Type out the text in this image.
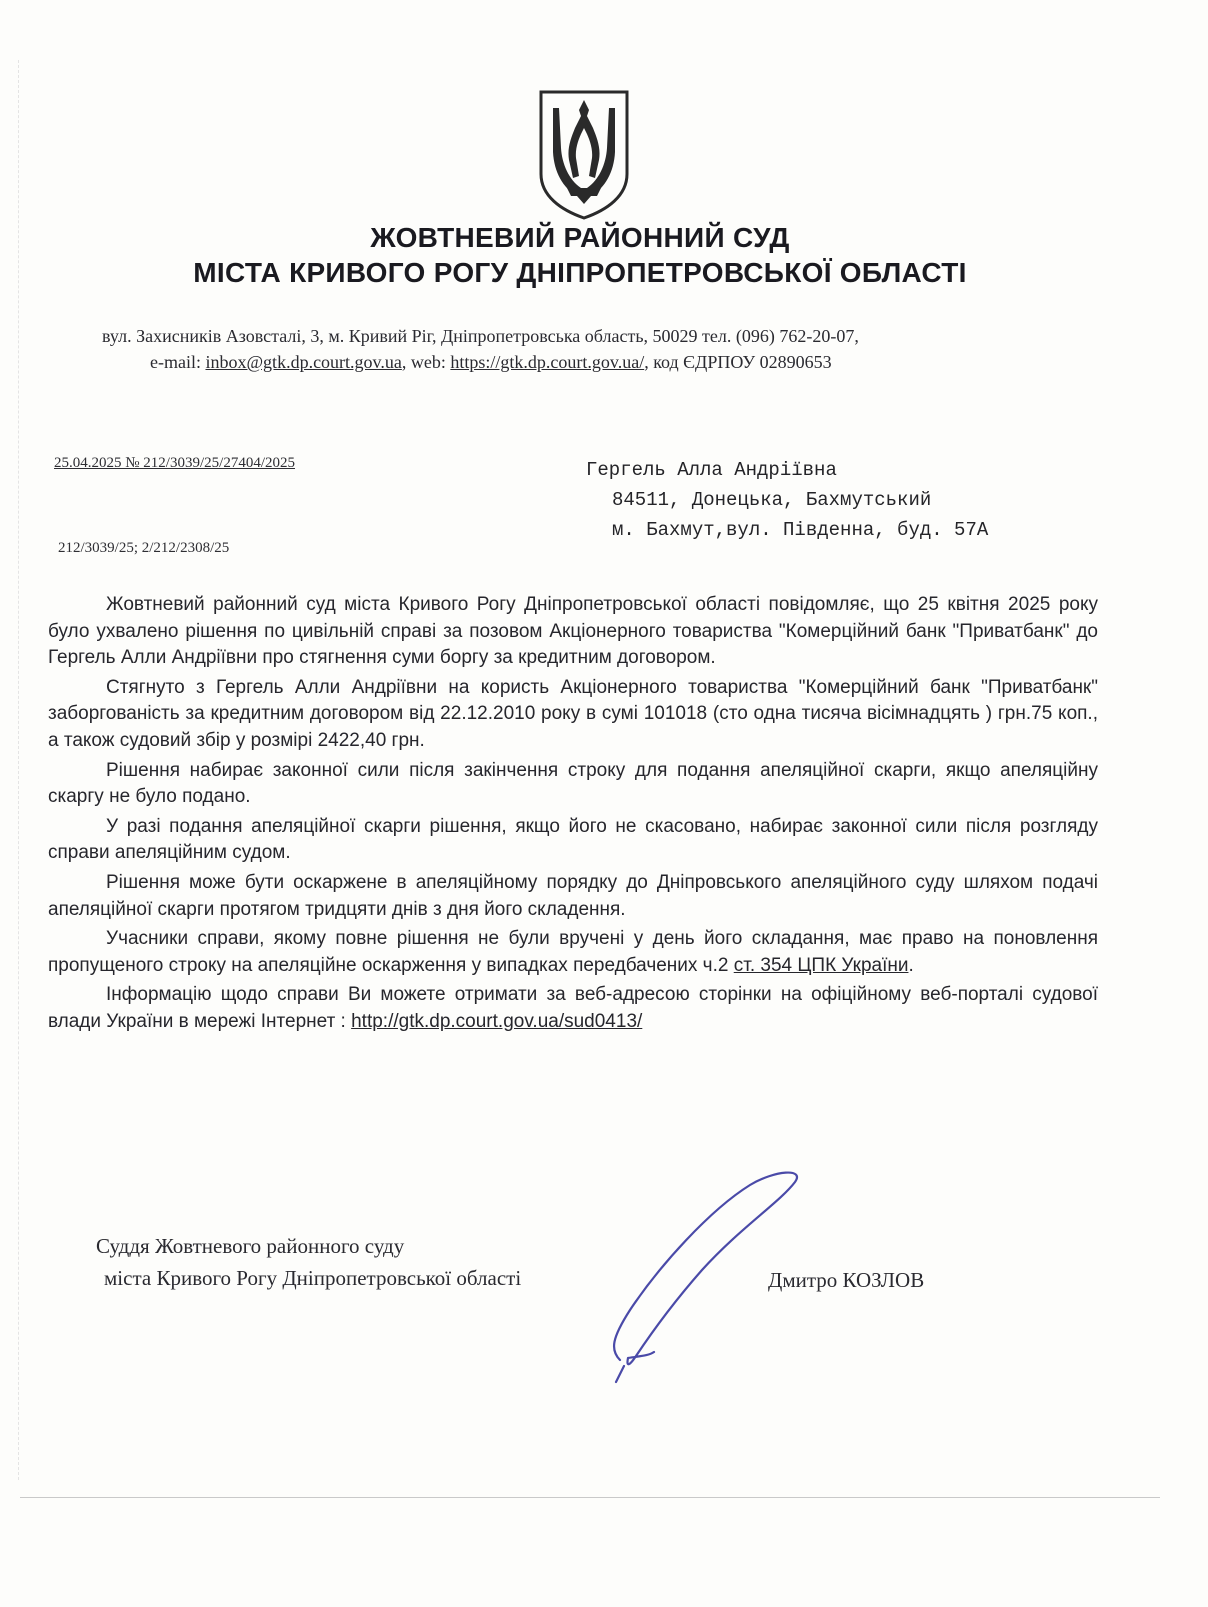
ЖОВТНЕВИЙ РАЙОННИЙ СУД
МІСТА КРИВОГО РОГУ ДНІПРОПЕТРОВСЬКОЇ ОБЛАСТІ
вул. Захисників Азовсталі, 3, м. Кривий Ріг, Дніпропетровська область, 50029 тел. (096) 762-20-07,
e-mail: inbox@gtk.dp.court.gov.ua, web: https://gtk.dp.court.gov.ua/, код ЄДРПОУ 02890653
25.04.2025 № 212/3039/25/27404/2025
212/3039/25; 2/212/2308/25
Гергель Алла Андріївна
84511, Донецька, Бахмутський
м. Бахмут,вул. Південна, буд. 57А

Жовтневий районний суд міста Кривого Рогу Дніпропетровської області повідомляє, що 25 квітня 2025 року було ухвалено рішення по цивільній справі за позовом Акціонерного товариства "Комерційний банк "Приватбанк" до Гергель Алли Андріївни про стягнення суми боргу за кредитним договором.

Стягнуто з Гергель Алли Андріївни на користь Акціонерного товариства "Комерційний банк "Приватбанк" заборгованість за кредитним договором від 22.12.2010 року в сумі 101018 (сто одна тисяча вісімнадцять ) грн.75 коп., а також судовий збір у розмірі 2422,40 грн.

Рішення набирає законної сили після закінчення строку для подання апеляційної скарги, якщо апеляційну скаргу не було подано.

У разі подання апеляційної скарги рішення, якщо його не скасовано, набирає законної сили після розгляду справи апеляційним судом.

Рішення може бути оскаржене в апеляційному порядку до Дніпровського апеляційного суду шляхом подачі апеляційної скарги протягом тридцяти днів з дня його складення.

Учасники справи, якому повне рішення не були вручені у день його складання, має право на поновлення пропущеного строку на апеляційне оскарження у випадках передбачених ч.2 ст. 354 ЦПК України.

Інформацію щодо справи Ви можете отримати за веб-адресою сторінки на офіційному веб-порталі судової влади України в мережі Інтернет : http://gtk.dp.court.gov.ua/sud0413/

Суддя Жовтневого районного суду
міста Кривого Рогу Дніпропетровської області	Дмитро КОЗЛОВ
